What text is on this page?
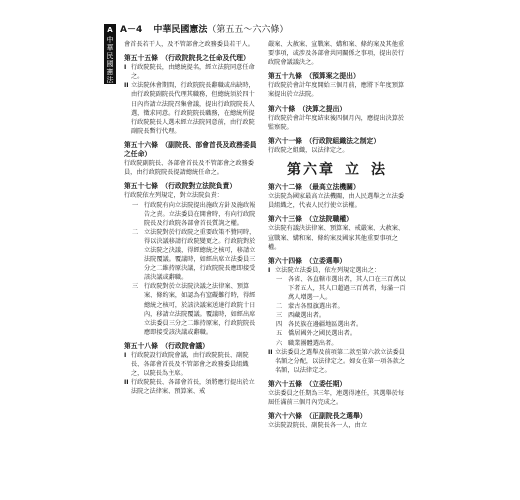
A
中
華
民
國
憲
法
A－4 中華民國憲法（第五五～六六條）
會首長若干人，及不管部會之政務委員若干人。
第五十五條　（行政院院長之任命及代理）
I 行政院院長，由總統提名，經立法院同意任命之。
II 立法院休會期間，行政院院長辭職或出缺時，由行政院副院長代理其職務，但總統須於四十日內咨請立法院召集會議，提出行政院院長人選，徵求同意。行政院院長職務，在總統所提行政院院長人選未經立法院同意前，由行政院副院長暫行代理。
第五十六條　（副院長、部會首長及政務委員之任命）
行政院副院長、各部會首長及不管部會之政務委員，由行政院院長提請總統任命之。
第五十七條　（行政院對立法院負責）
行政院依左列規定，對立法院負責：
一 行政院有向立法院提出施政方針及施政報告之責。立法委員在開會時，有向行政院院長及行政院各部會首長質詢之權。
二 立法院對於行政院之重要政策不贊同時，得以決議移請行政院變更之。行政院對於立法院之決議，得經總統之核可，移請立法院覆議。覆議時，如經出席立法委員三分之二維持原決議，行政院院長應即接受該決議或辭職。
三 行政院對於立法院決議之法律案、預算案、條約案，如認為有窒礙難行時，得經總統之核可，於該決議案送達行政院十日內，移請立法院覆議。覆議時，如經出席立法委員三分之二維持原案，行政院院長應即接受該決議或辭職。
第五十八條　（行政院會議）
I 行政院設行政院會議，由行政院院長、副院長、各部會首長及不管部會之政務委員組織之，以院長為主席。
II 行政院院長、各部會首長，須將應行提出於立法院之法律案、預算案、戒
嚴案、大赦案、宣戰案、媾和案、條約案及其他重要事項，或涉及各部會共同關係之事項，提出於行政院會議議決之。
第五十九條　（預算案之提出）
行政院於會計年度開始三個月前，應將下年度預算案提出於立法院。
第六十條　（決算之提出）
行政院於會計年度結束後四個月內，應提出決算於監察院。
第六十一條　（行政院組織法之制定）
行政院之組織，以法律定之。
第六章 立 法
第六十二條　（最高立法機關）
立法院為國家最高立法機關，由人民選舉之立法委員組織之，代表人民行使立法權。
第六十三條　（立法院職權）
立法院有議決法律案、預算案、戒嚴案、大赦案、宣戰案、媾和案、條約案及國家其他重要事項之權。
第六十四條　（立委選舉）
I 立法院立法委員，依左列規定選出之：
一 各省、各直轄市選出者，其人口在三百萬以下者五人，其人口超過三百萬者，每滿一百萬人增選一人。
二 蒙古各盟旗選出者。
三 西藏選出者。
四 各民族在邊疆地區選出者。
五 僑居國外之國民選出者。
六 職業團體選出者。
II 立法委員之選舉及前項第二款至第六款立法委員名額之分配，以法律定之。婦女在第一項各款之名額，以法律定之。
第六十五條　（立委任期）
立法委員之任期為三年，連選得連任，其選舉於每屆任滿前三個月內完成之。
第六十六條　（正副院長之選舉）
立法院設院長、副院長各一人，由立
